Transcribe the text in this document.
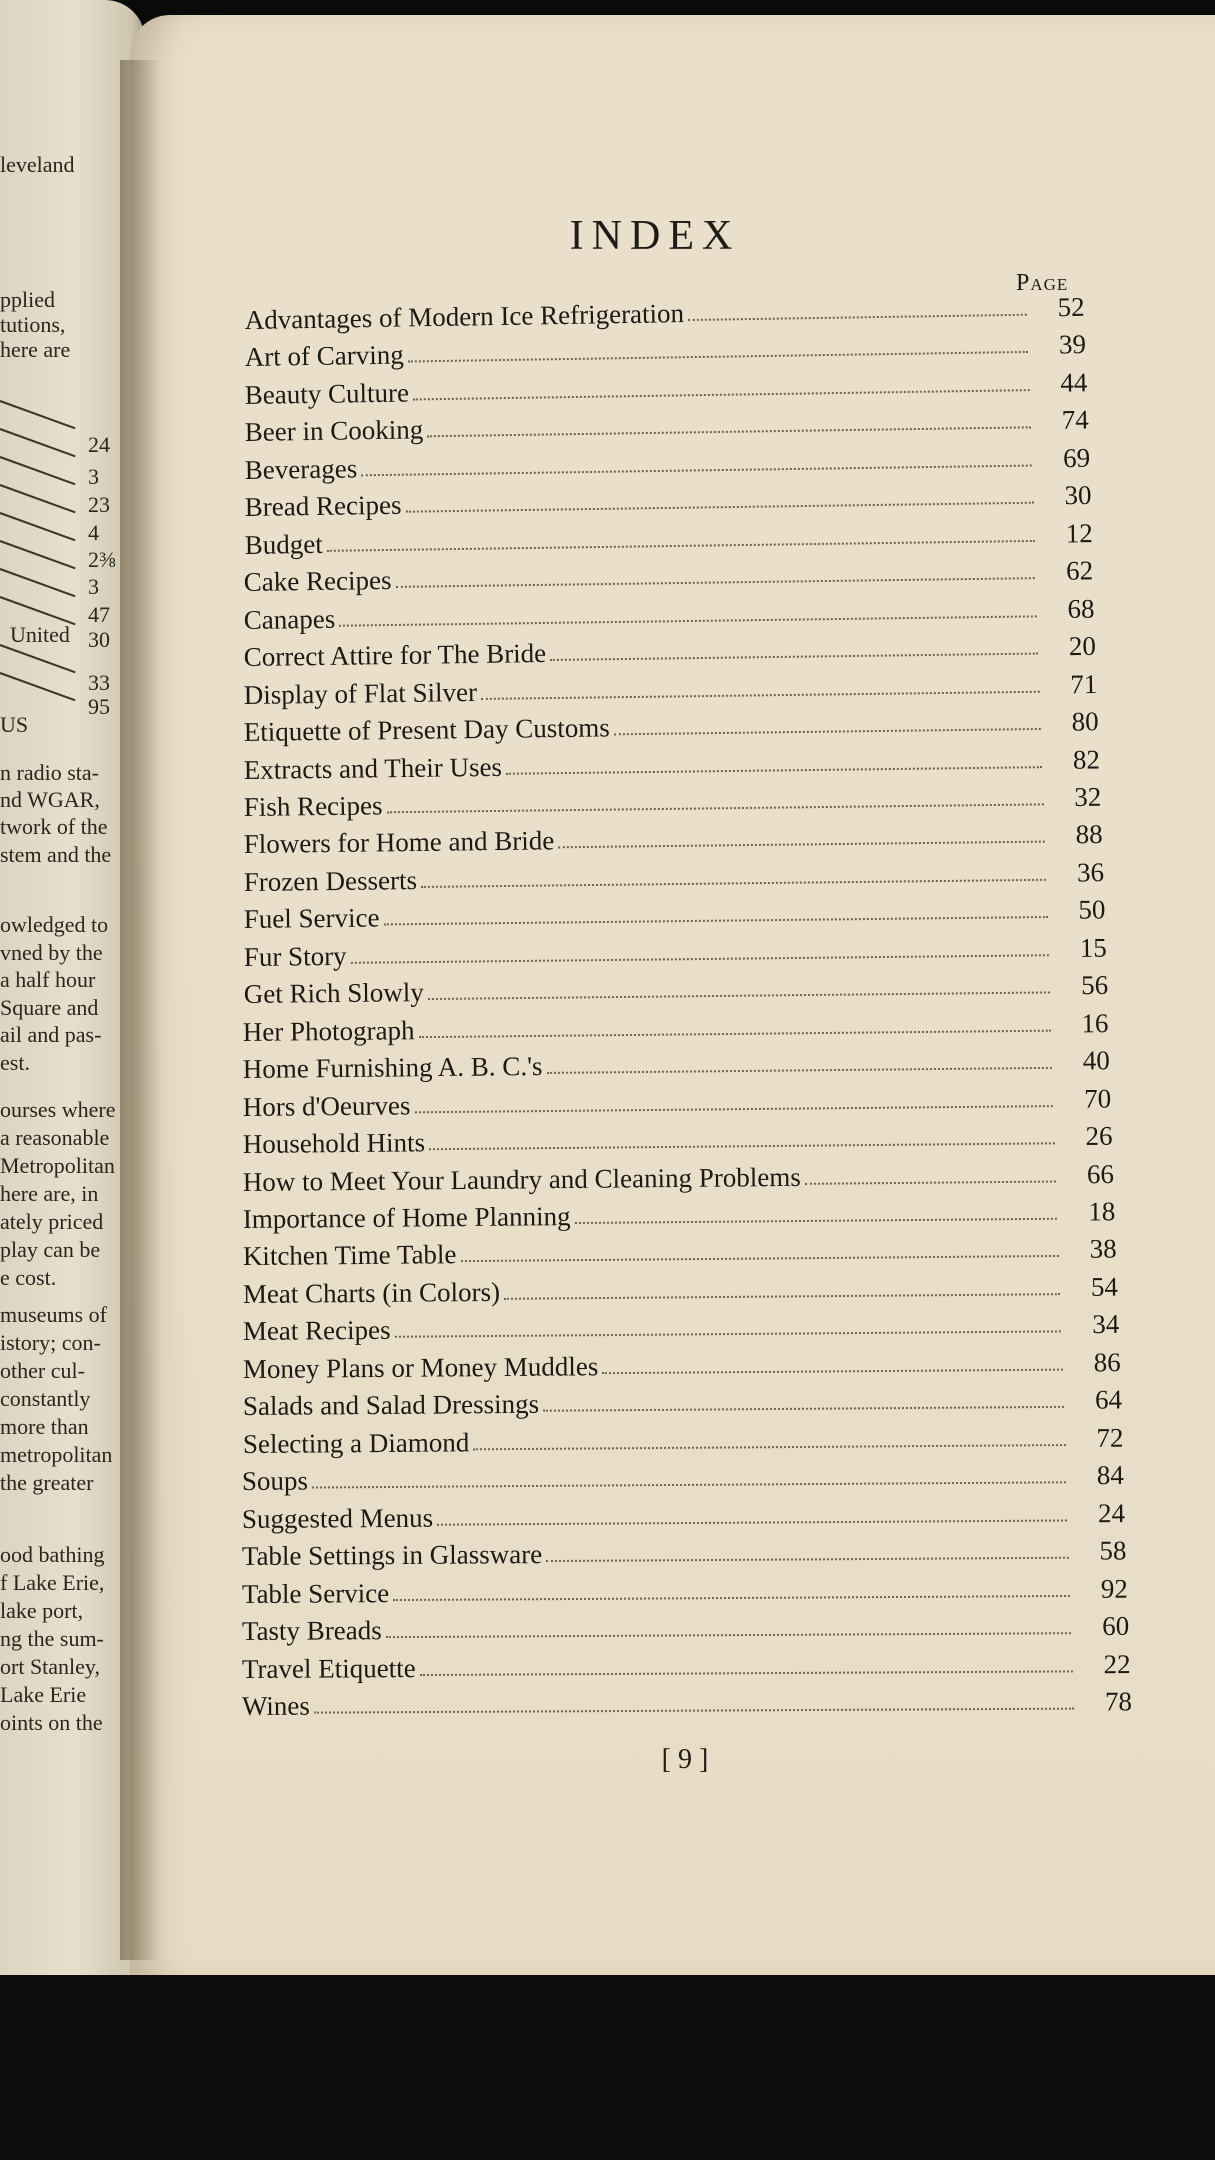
leveland
pplied
tutions,
here are
24
3
23
4
2⅜
3
47
United 30
33
95
US
n radio sta-
nd WGAR,
twork of the
stem and the
owledged to
vned by the
a half hour
Square and
ail and pas-
est.
ourses where
a reasonable
Metropolitan
here are, in
ately priced
play can be
e cost.
museums of
istory; con-
other cul-
constantly
more than
metropolitan
the greater
ood bathing
f Lake Erie,
lake port,
ng the sum-
ort Stanley,
Lake Erie
oints on the
INDEX
Page
Advantages of Modern Ice Refrigeration	52
Art of Carving	39
Beauty Culture	44
Beer in Cooking	74
Beverages	69
Bread Recipes	30
Budget	12
Cake Recipes	62
Canapes	68
Correct Attire for The Bride	20
Display of Flat Silver	71
Etiquette of Present Day Customs	80
Extracts and Their Uses	82
Fish Recipes	32
Flowers for Home and Bride	88
Frozen Desserts	36
Fuel Service	50
Fur Story	15
Get Rich Slowly	56
Her Photograph	16
Home Furnishing A. B. C.'s	40
Hors d'Oeurves	70
Household Hints	26
How to Meet Your Laundry and Cleaning Problems	66
Importance of Home Planning	18
Kitchen Time Table	38
Meat Charts (in Colors)	54
Meat Recipes	34
Money Plans or Money Muddles	86
Salads and Salad Dressings	64
Selecting a Diamond	72
Soups	84
Suggested Menus	24
Table Settings in Glassware	58
Table Service	92
Tasty Breads	60
Travel Etiquette	22
Wines	78
[ 9 ]
